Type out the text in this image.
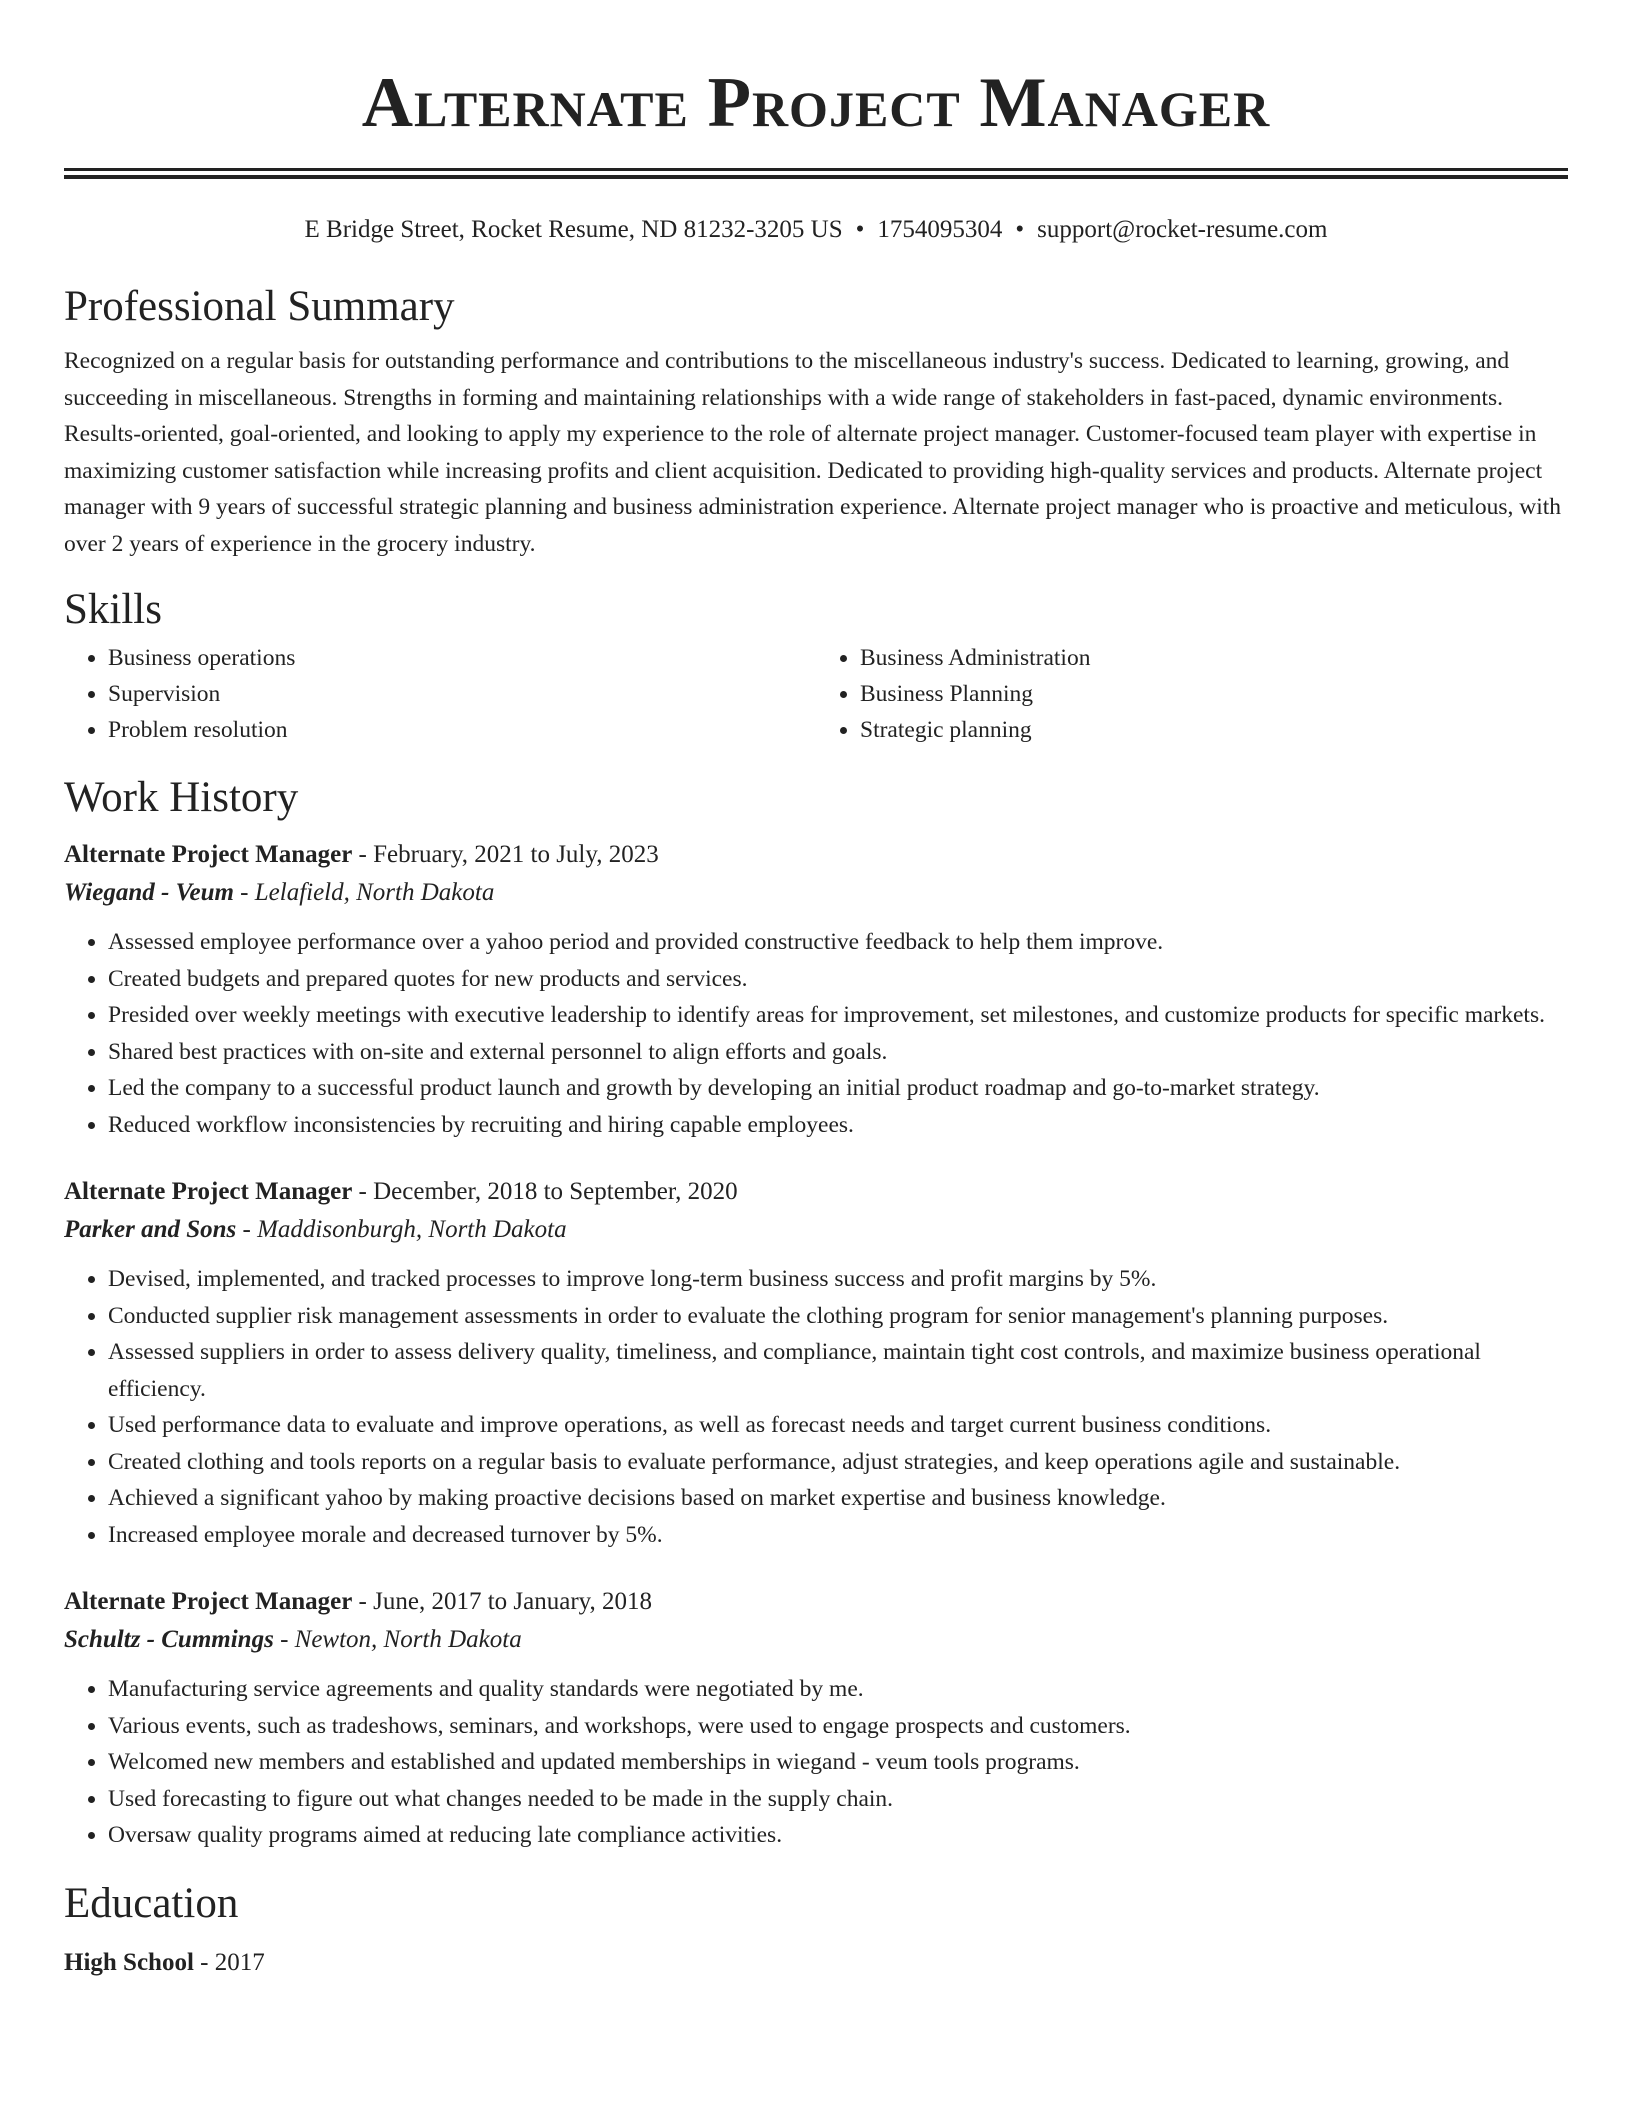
Alternate Project Manager
E Bridge Street, Rocket Resume, ND 81232-3205 US • 1754095304 • support@rocket-resume.com
Professional Summary

Recognized on a regular basis for outstanding performance and contributions to the miscellaneous industry's success. Dedicated to learning, growing, and succeeding in miscellaneous. Strengths in forming and maintaining relationships with a wide range of stakeholders in fast-paced, dynamic environments. Results-oriented, goal-oriented, and looking to apply my experience to the role of alternate project manager. Customer-focused team player with expertise in maximizing customer satisfaction while increasing profits and client acquisition. Dedicated to providing high-quality services and products. Alternate project manager with 9 years of successful strategic planning and business administration experience. Alternate project manager who is proactive and meticulous, with over 2 years of experience in the grocery industry.

Skills
• Business operations
• Supervision
• Problem resolution
• Business Administration
• Business Planning
• Strategic planning
Work History
Alternate Project Manager - February, 2021 to July, 2023
Wiegand - Veum - Lelafield, North Dakota
• Assessed employee performance over a yahoo period and provided constructive feedback to help them improve.
• Created budgets and prepared quotes for new products and services.
• Presided over weekly meetings with executive leadership to identify areas for improvement, set milestones, and customize products for specific markets.
• Shared best practices with on-site and external personnel to align efforts and goals.
• Led the company to a successful product launch and growth by developing an initial product roadmap and go-to-market strategy.
• Reduced workflow inconsistencies by recruiting and hiring capable employees.
Alternate Project Manager - December, 2018 to September, 2020
Parker and Sons - Maddisonburgh, North Dakota
• Devised, implemented, and tracked processes to improve long-term business success and profit margins by 5%.
• Conducted supplier risk management assessments in order to evaluate the clothing program for senior management's planning purposes.
• Assessed suppliers in order to assess delivery quality, timeliness, and compliance, maintain tight cost controls, and maximize business operational efficiency.
• Used performance data to evaluate and improve operations, as well as forecast needs and target current business conditions.
• Created clothing and tools reports on a regular basis to evaluate performance, adjust strategies, and keep operations agile and sustainable.
• Achieved a significant yahoo by making proactive decisions based on market expertise and business knowledge.
• Increased employee morale and decreased turnover by 5%.
Alternate Project Manager - June, 2017 to January, 2018
Schultz - Cummings - Newton, North Dakota
• Manufacturing service agreements and quality standards were negotiated by me.
• Various events, such as tradeshows, seminars, and workshops, were used to engage prospects and customers.
• Welcomed new members and established and updated memberships in wiegand - veum tools programs.
• Used forecasting to figure out what changes needed to be made in the supply chain.
• Oversaw quality programs aimed at reducing late compliance activities.
Education
High School - 2017
